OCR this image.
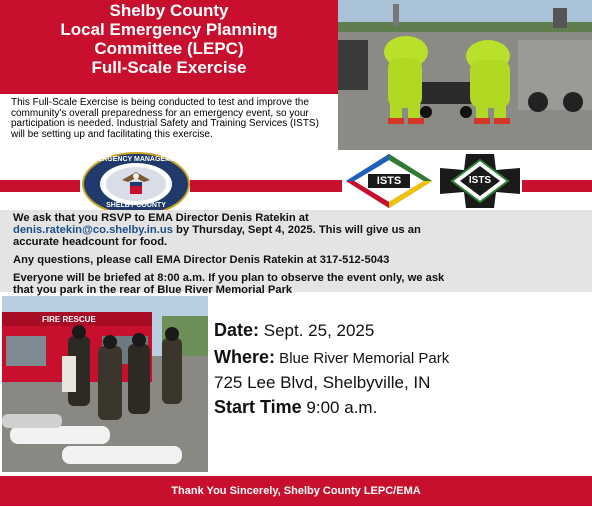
Shelby County
Local Emergency Planning
Committee (LEPC)
Full-Scale Exercise
This Full-Scale Exercise is being conducted to test and improve the community’s overall preparedness for an emergency event, so your participation is needed. Industrial Safety and Training Services (ISTS) will be setting up and facilitating this exercise.
EMERGENCY MANAGEMENT
SHELBY COUNTY
ISTS	ISTS

We ask that you RSVP to EMA Director Denis Ratekin at

denis.ratekin@co.shelby.in.us by Thursday, Sept 4, 2025. This will give us an

accurate headcount for food.

Any questions, please call EMA Director Denis Ratekin at 317-512-5043

Everyone will be briefed at 8:00 a.m. If you plan to observe the event only, we ask

that you park in the rear of Blue River Memorial Park

FIRE RESCUE
Date: Sept. 25, 2025
Where: Blue River Memorial Park
725 Lee Blvd, Shelbyville, IN
Start Time 9:00 a.m.
Thank You Sincerely, Shelby County LEPC/EMA
